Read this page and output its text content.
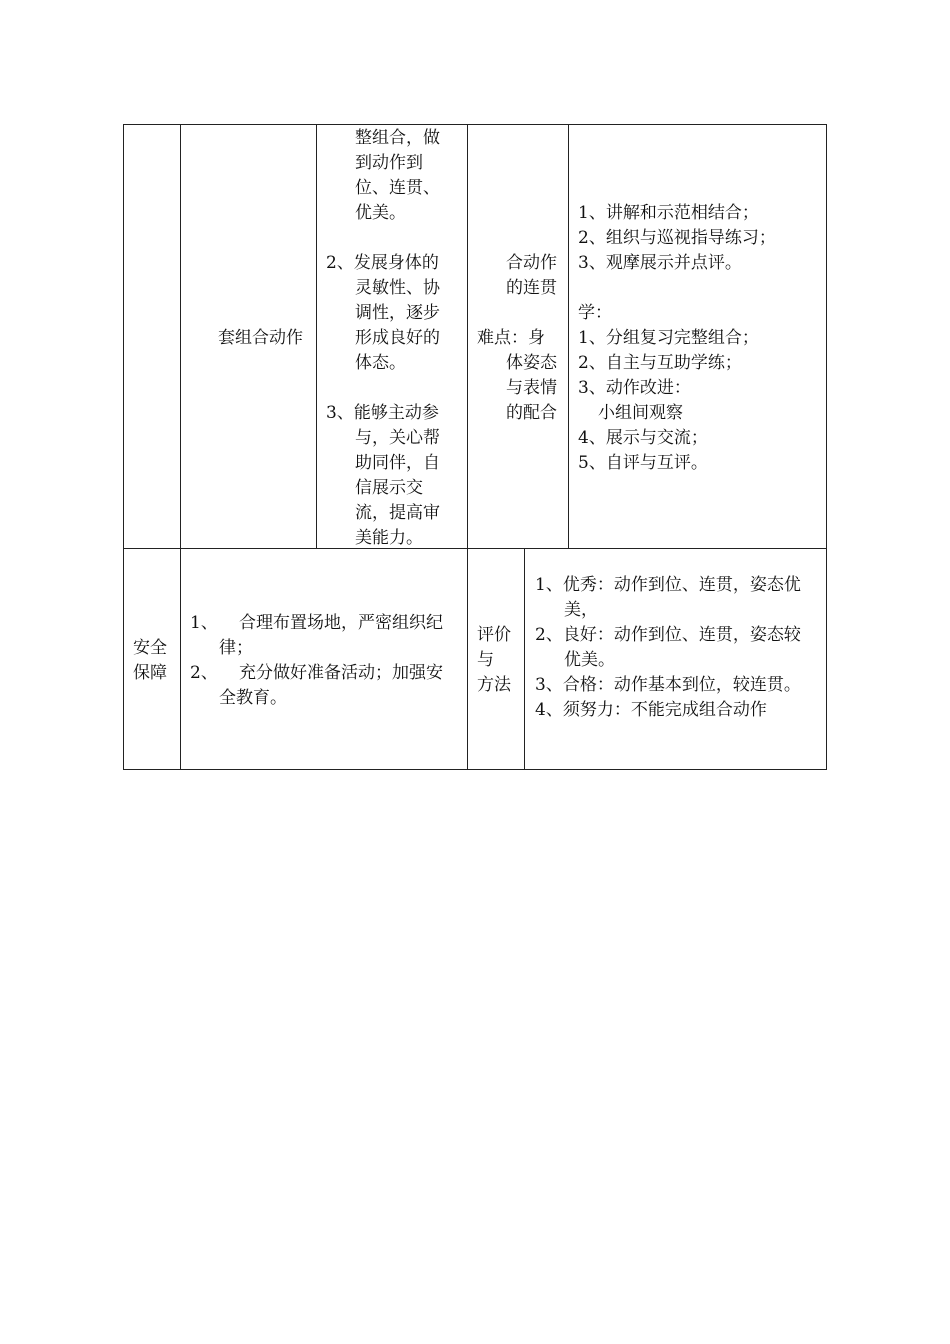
套组合动作
整组合，做
到动作到
位、连贯、
优美。
2、发展身体的
灵敏性、协
调性，逐步
形成良好的
体态。
3、能够主动参
与，关心帮
助同伴，自
信展示交
流，提高审
美能力。
合动作
的连贯
难点：身
体姿态
与表情
的配合
1、讲解和示范相结合；
2、组织与巡视指导练习；
3、观摩展示并点评。
学：
1、分组复习完整组合；
2、自主与互助学练；
3、动作改进：
小组间观察
4、展示与交流；
5、自评与互评。
安全
保障
1、 合理布置场地，严密组织纪
律；
2、 充分做好准备活动；加强安
全教育。
评价
与
方法
1、优秀：动作到位、连贯，姿态优美，
2、良好：动作到位、连贯，姿态较优美。
3、合格：动作基本到位，较连贯。
4、须努力：不能完成组合动作
